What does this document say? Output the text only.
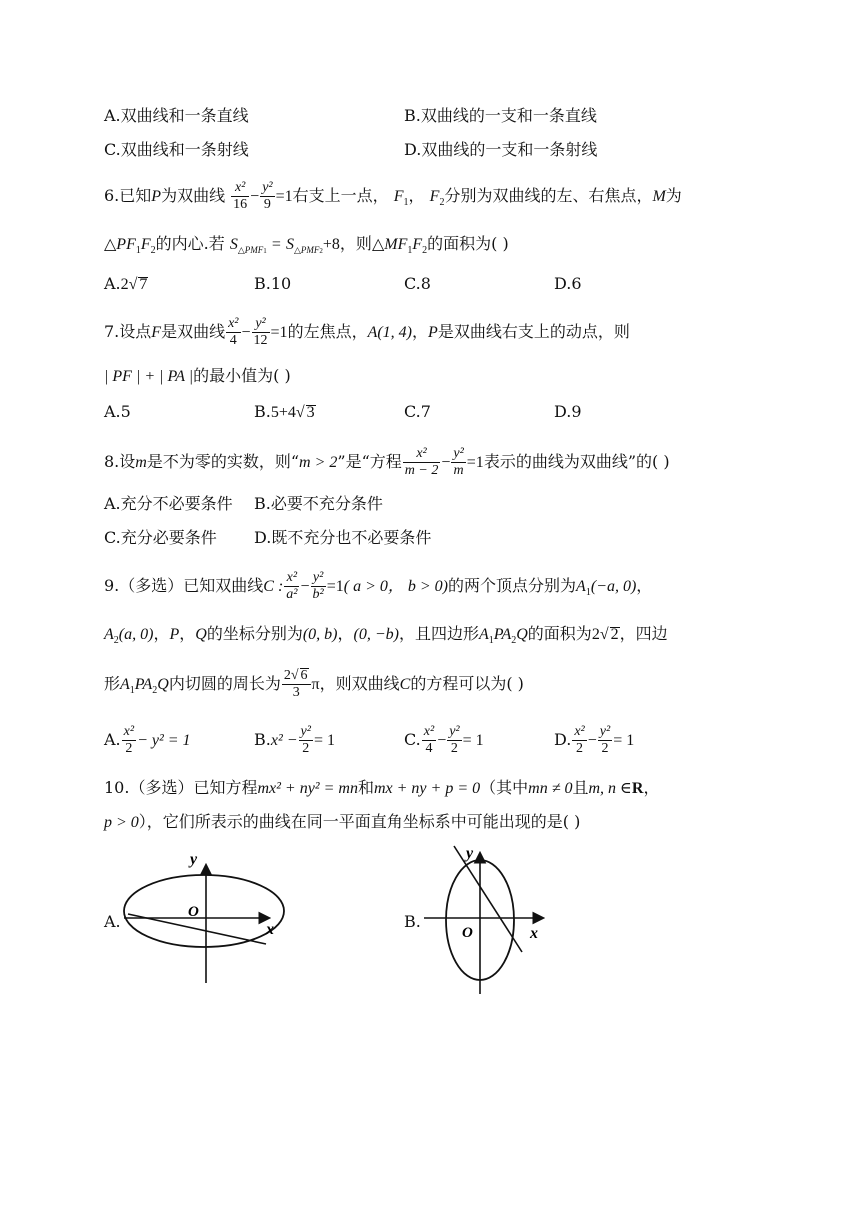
A.双曲线和一条直线	B.双曲线的一支和一条直线
C.双曲线和一条射线	D.双曲线的一支和一条射线
6.已知P为双曲线 $\frac{\text{x²}}{16} - \frac{\text{y²}}{9} =1$右支上一点， $F_1$， $F_2$分别为双曲线的左、右焦点，M为
$\triangle PF_1F_2$的内心.若 $S_{\triangle PMF1} = S_{\triangle PMF2}+8$，则$\triangle MF_1F_2$的面积为( )
A.2√ 7	B.10	C.8	D.6
7.设点F是双曲线 $\frac{\text{x²}}{4} - \frac{\text{y²}}{12} =1$的左焦点，A(1, 4)，P是双曲线右支上的动点，则
| PF | + | PA |的最小值为( )
A.5	B.5+4√ 3	C.7	D.9
8.设m是不为零的实数，则“m > 2”是“方程 $\frac{\text{x²}}{m - 2} - \frac{\text{y²}}{m} =1$表示的曲线为双曲线”的( )
A.充分不必要条件 B.必要不充分条件
C.充分必要条件 D.既不充分也不必要条件
9.（多选）已知双曲线C : $\frac{\text{x²}}{\text{a²}} - \frac{\text{y²}}{\text{b²}} =1$( a > 0， b > 0)的两个顶点分别为$A_1(-a$, 0)，
$A_2(a$, 0)，P，Q的坐标分别为(0, b)，(0, −b)，且四边形$A_1PA_2Q$的面积为2√ 2，四边
形$A_1PA_2Q$内切圆的周长为 $\frac{2√ 6}{3}$ π，则双曲线C的方程可以为( )
A. $\frac{\text{x²}}{2} - y^2 = 1$	$B.x^2 - \frac{\text{y²}}{2} = 1$	C. $\frac{\text{x²}}{4} - \frac{\text{y²}}{2} = 1$	D. $\frac{\text{x²}}{2} - \frac{\text{y²}}{2} = 1$
10.（多选）已知方程mx² + ny² = mn和mx + ny + p = 0（其中mn ≠ 0且m, n ∈R，
p > 0），它们所表示的曲线在同一平面直角坐标系中可能出现的是( )
A.
y
x
O	B.
y
x
O
